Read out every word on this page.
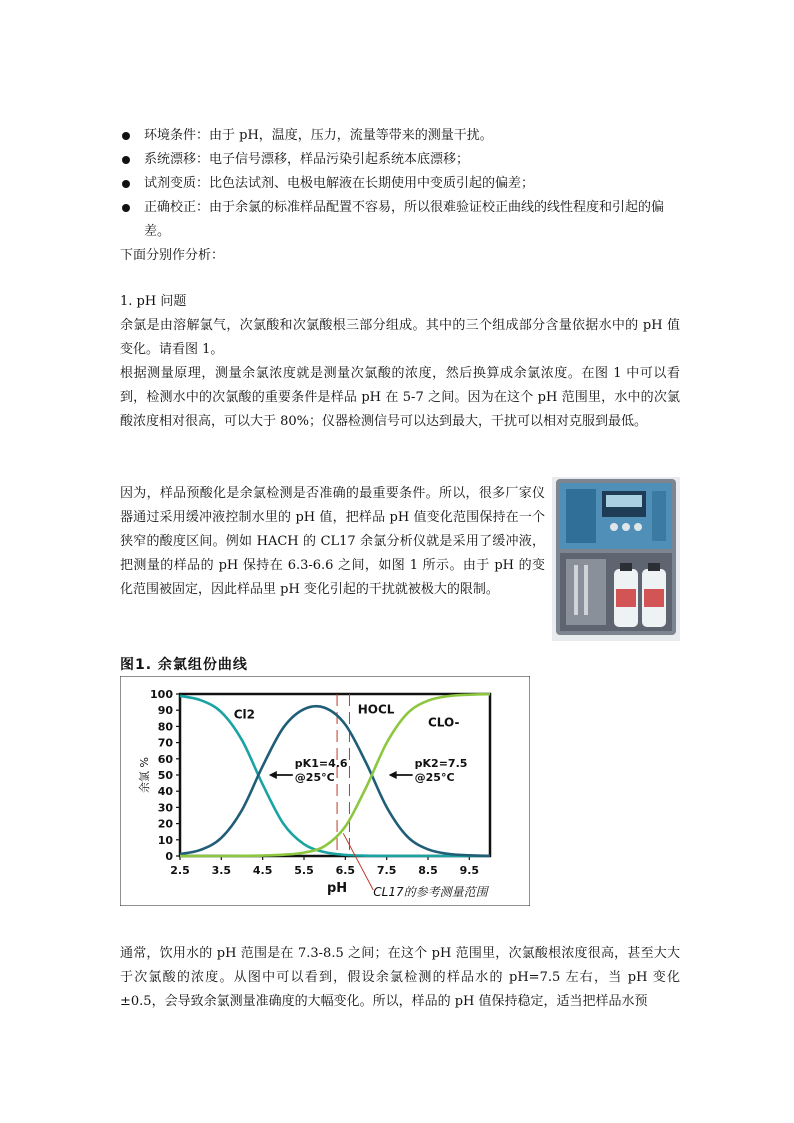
环境条件：由于 pH，温度，压力，流量等带来的测量干扰。
系统漂移：电子信号漂移，样品污染引起系统本底漂移；
试剂变质：比色法试剂、电极电解液在长期使用中变质引起的偏差；
正确校正：由于余氯的标准样品配置不容易，所以很难验证校正曲线的线性程度和引起的偏差。
下面分别作分析：
1. pH 问题
余氯是由溶解氯气，次氯酸和次氯酸根三部分组成。其中的三个组成部分含量依据水中的 pH 值变化。请看图 1。
根据测量原理，测量余氯浓度就是测量次氯酸的浓度，然后换算成余氯浓度。在图 1 中可以看到，检测水中的次氯酸的重要条件是样品 pH 在 5-7 之间。因为在这个 pH 范围里，水中的次氯酸浓度相对很高，可以大于 80%；仪器检测信号可以达到最大，干扰可以相对克服到最低。
因为，样品预酸化是余氯检测是否准确的最重要条件。所以，很多厂家仪器通过采用缓冲液控制水里的 pH 值，把样品 pH 值变化范围保持在一个狭窄的酸度区间。例如 HACH 的 CL17 余氯分析仪就是采用了缓冲液，把测量的样品的 pH 保持在 6.3-6.6 之间，如图 1 所示。由于 pH 的变化范围被固定，因此样品里 pH 变化引起的干扰就被极大的限制。
图1. 余氯组份曲线
0
10
20
30
40
50
60
70
80
90
100
2.5 3.5 4.5 5.5 6.5 7.5 8.5 9.5
pH
余氯 %
Cl2	HOCL
CLO-
pK1=4.6
@25°C
pK2=7.5
@25°C
CL17的参考测量范围
通常，饮用水的 pH 范围是在 7.3-8.5 之间；在这个 pH 范围里，次氯酸根浓度很高，甚至大大于次氯酸的浓度。从图中可以看到，假设余氯检测的样品水的 pH=7.5 左右，当 pH 变化±0.5，会导致余氯测量准确度的大幅变化。所以，样品的 pH 值保持稳定，适当把样品水预
